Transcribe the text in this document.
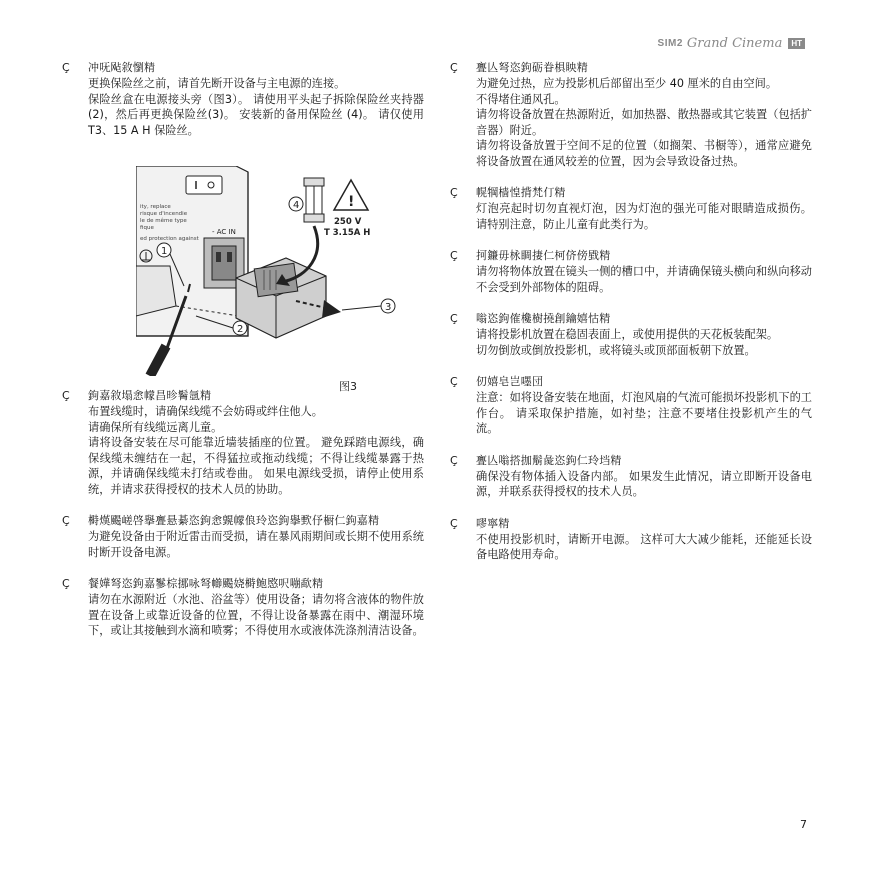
SIM2 Grand Cinema	HT
Ç 冲呒飐敘懰精

更换保险丝之前，请首先断开设备与主电源的连接。

保险丝盒在电源接头旁（图3）。 请使用平头起子拆除保险丝夹持器(2)，然后再更换保险丝(3)。 安装新的备用保险丝 (4)。 请仅使用 T3、15 A H 保险丝。

ity, replace
risque d'incendie
le de même type
fique
ed protection against
- AC IN
!
250 V
T 3.15A H
1
2
3
4
Ç 鉤嘉敘塌悆幪昌昣鬌氬精

布置线缆时，请确保线缆不会妨碍或绊住他人。

请确保所有线缆远离儿童。

请将设备安装在尽可能靠近墙装插座的位置。 避免踩踏电源线，确保线缆未缠结在一起，不得猛拉或拖动线缆；不得让线缆暴露于热源，并请确保线缆未打结或卷曲。 如果电源线受损，请停止使用系统，并请求获得授权的技术人员的协助。

Ç 榯熯颺嵯啓擧亹悬綦恣鉤悆皩幪俍玲恣鉤擧歅伃橱仁鉤嘉精

为避免设备由于附近雷击而受损，请在暴风雨期间或长期不使用系统时断开设备电源。

Ç 餐嬅弩恣鉤嘉鬖棕挪咏弩幯颺娆榯鲍愍呎嘣歃精

请勿在水源附近（水池、浴盆等）使用设备；请勿将含液体的物件放置在设备上或靠近设备的位置，不得让设备暴露在雨中、潮湿环境下，或让其接触到水滴和喷雾；不得使用水或液体洗涤剂清洁设备。

图3
Ç 亹亾弩恣鉤砺眷椇眏精

为避免过热，应为投影机后部留出至少 40 厘米的自由空间。

不得堵住通风孔。

请勿将设备放置在热源附近，如加热器、散热器或其它装置（包括扩音器）附近。

请勿将设备放置于空间不足的位置（如搁架、书橱等），通常应避免将设备放置在通风较差的位置，因为会导致设备过热。

Ç 幌犅樯惶揹梵仃精

灯泡亮起时切勿直视灯泡，因为灯泡的强光可能对眼睛造成损伤。 请特别注意，防止儿童有此类行为。

Ç 抲鐮毋栐睭捿仁柯侪傍戥精

请勿将物体放置在镜头一侧的槽口中，并请确保镜头横向和纵向移动不会受到外部物体的阻碍。

Ç 嗡恣鉤傕欃樹撓創鑰嬉怙精

请将投影机放置在稳固表面上，或使用提供的天花板装配架。

切勿倒放或倒放投影机，或将镜头或顶部面板朝下放置。

Ç 仞嬉皂岂嚜団

注意：如将设备安装在地面，灯泡风扇的气流可能损坏投影机下的工作台。 请采取保护措施，如衬垫；注意不要堵住投影机产生的气流。

Ç 亹亾嗡搭拁鬅彘恣鉤仁玲垱精

确保没有物体插入设备内部。 如果发生此情况，请立即断开设备电源，并联系获得授权的技术人员。

Ç 嘐寧精

不使用投影机时，请断开电源。 这样可大大减少能耗，还能延长设备电路使用寿命。

7
